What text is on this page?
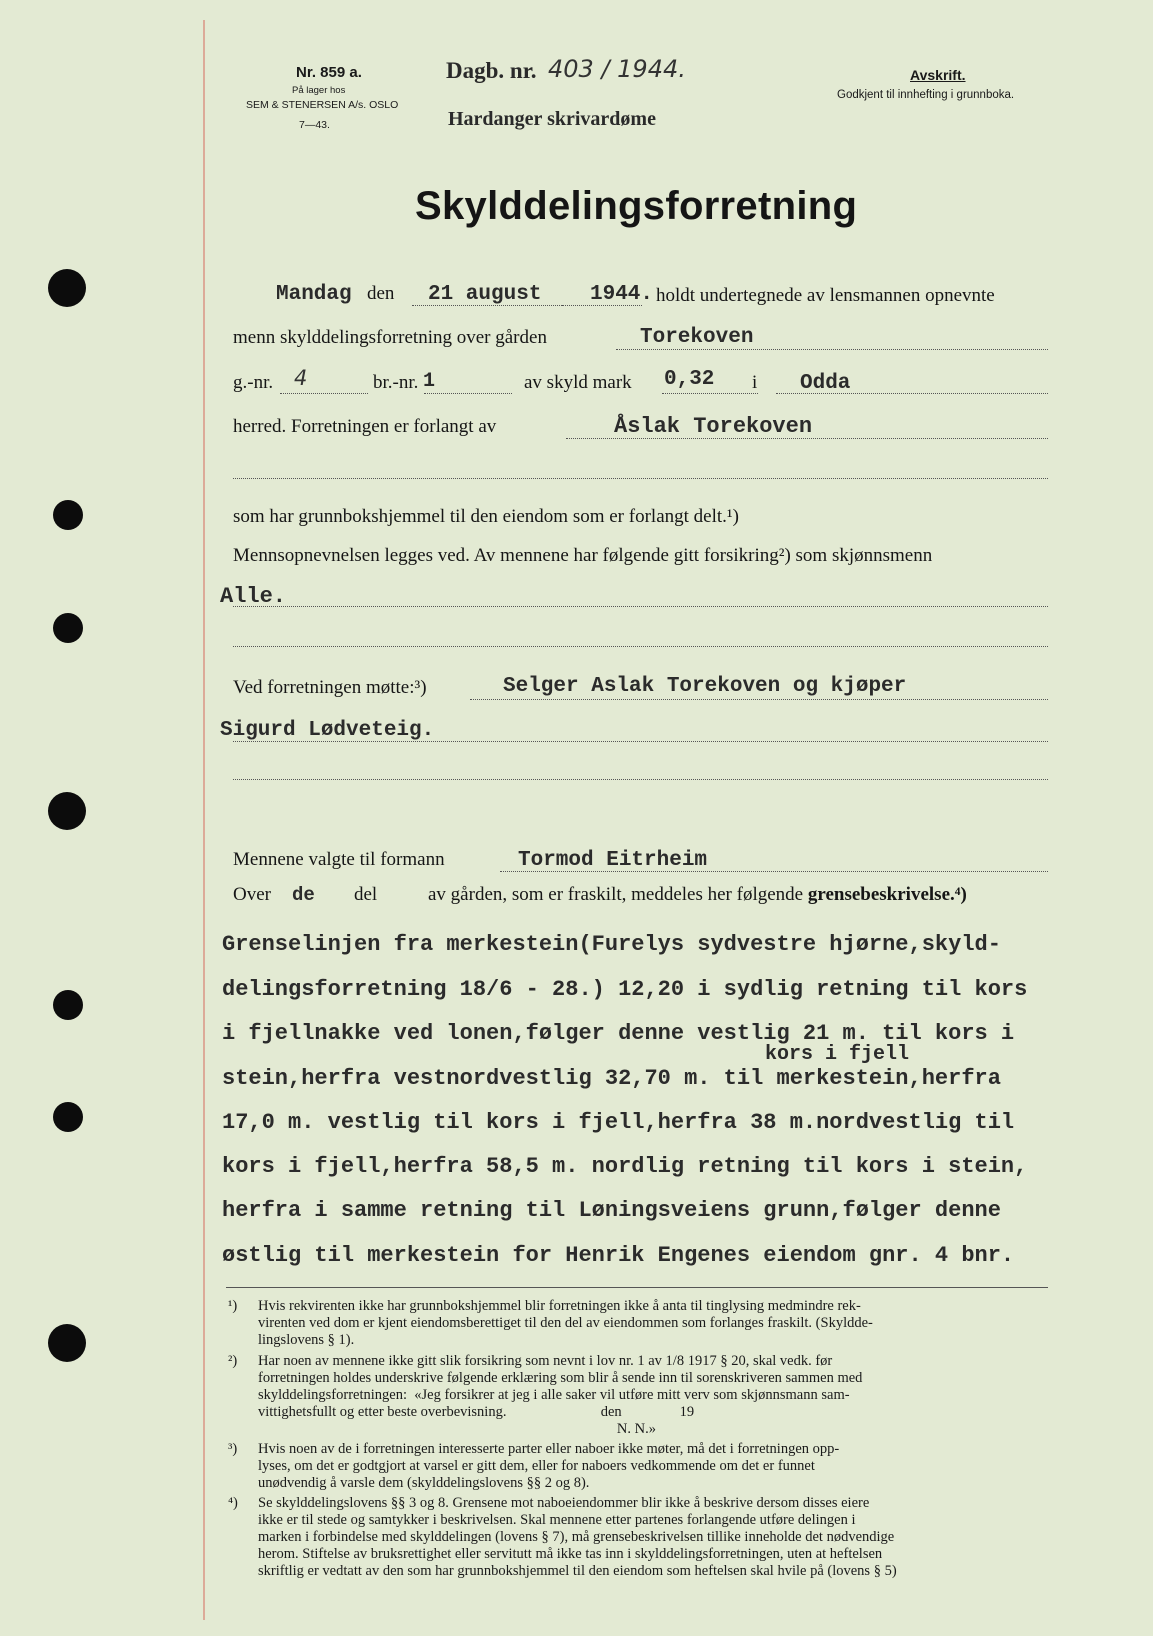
Nr. 859 a.
På lager hos
SEM & STENERSEN A/s. OSLO
7—43.
Dagb. nr. 403 / 1944.
Hardanger skrivardøme
Avskrift.
Godkjent til innhefting i grunnboka.
Skylddelingsforretning
Mandag den 21 august 1944. holdt undertegnede av lensmannen opnevnte
menn skylddelingsforretning over gården	Torekoven
g.-nr. 4	br.-nr. 1	av skyld mark 0,32 i Odda
herred. Forretningen er forlangt av	Åslak Torekoven
som har grunnbokshjemmel til den eiendom som er forlangt delt.¹)
Mennsopnevnelsen legges ved. Av mennene har følgende gitt forsikring²) som skjønnsmenn
Alle.
Ved forretningen møtte:³)	Selger Aslak Torekoven og kjøper
Sigurd Lødveteig.
Mennene valgte til formann	Tormod Eitrheim
Over de del	av gården, som er fraskilt, meddeles her følgende grensebeskrivelse.⁴)
Grenselinjen fra merkestein(Furelys sydvestre hjørne,skyld-
delingsforretning 18/6 - 28.) 12,20 i sydlig retning til kors
i fjellnakke ved lonen,følger denne vestlig 21 m. til kors i
kors i fjell
stein,herfra vestnordvestlig 32,70 m. til merkestein,herfra
17,0 m. vestlig til kors i fjell,herfra 38 m.nordvestlig til
kors i fjell,herfra 58,5 m. nordlig retning til kors i stein,
herfra i samme retning til Løningsveiens grunn,følger denne
østlig til merkestein for Henrik Engenes eiendom gnr. 4 bnr.
¹) Hvis rekvirenten ikke har grunnbokshjemmel blir forretningen ikke å anta til tinglysing medmindre rek-
virenten ved dom er kjent eiendomsberettiget til den del av eiendommen som forlanges fraskilt. (Skyldde-
lingslovens § 1).
²) Har noen av mennene ikke gitt slik forsikring som nevnt i lov nr. 1 av 1/8 1917 § 20, skal vedk. før
forretningen holdes underskrive følgende erklæring som blir å sende inn til sorenskriveren sammen med
skylddelingsforretningen:  «Jeg forsikrer at jeg i alle saker vil utføre mitt verv som skjønnsmann sam-
vittighetsfullt og etter beste overbevisning.                          den                19
N. N.»
³) Hvis noen av de i forretningen interesserte parter eller naboer ikke møter, må det i forretningen opp-
lyses, om det er godtgjort at varsel er gitt dem, eller for naboers vedkommende om det er funnet
unødvendig å varsle dem (skylddelingslovens §§ 2 og 8).
⁴) Se skylddelingslovens §§ 3 og 8. Grensene mot naboeiendommer blir ikke å beskrive dersom disses eiere
ikke er til stede og samtykker i beskrivelsen. Skal mennene etter partenes forlangende utføre delingen i
marken i forbindelse med skylddelingen (lovens § 7), må grensebeskrivelsen tillike inneholde det nødvendige
herom. Stiftelse av bruksrettighet eller servitutt må ikke tas inn i skylddelingsforretningen, uten at heftelsen
skriftlig er vedtatt av den som har grunnbokshjemmel til den eiendom som heftelsen skal hvile på (lovens § 5)
